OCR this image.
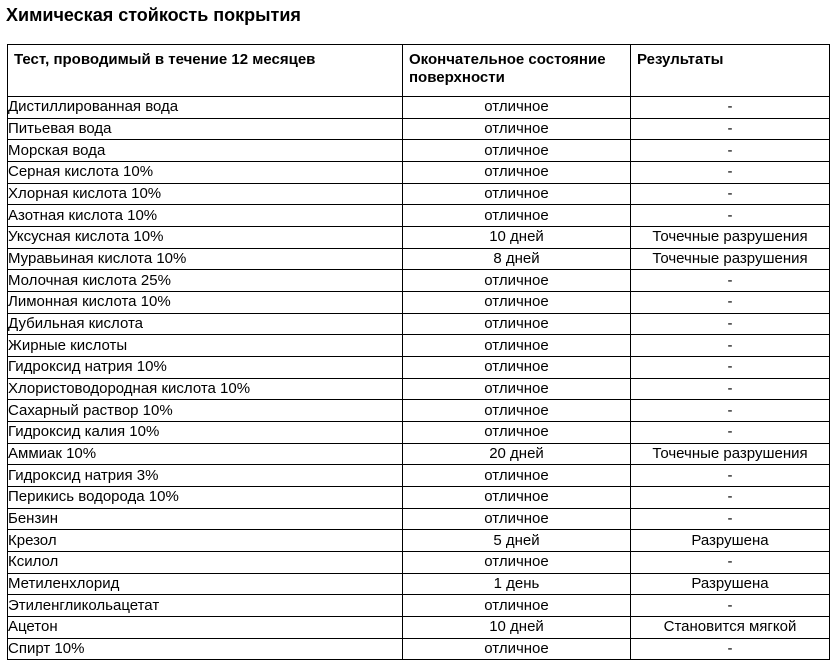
Химическая стойкость покрытия
Тест, проводимый в течение 12 месяцев	Окончательное состояние поверхности	Результаты
Дистиллированная вода	отличное	-
Питьевая вода	отличное	-
Морская вода	отличное	-
Серная кислота 10%	отличное	-
Хлорная кислота 10%	отличное	-
Азотная кислота 10%	отличное	-
Уксусная кислота 10%	10 дней	Точечные разрушения
Муравьиная кислота 10%	8 дней	Точечные разрушения
Молочная кислота 25%	отличное	-
Лимонная кислота 10%	отличное	-
Дубильная кислота	отличное	-
Жирные кислоты	отличное	-
Гидроксид натрия 10%	отличное	-
Хлористоводородная кислота 10%	отличное	-
Сахарный раствор 10%	отличное	-
Гидроксид калия 10%	отличное	-
Аммиак 10%	20 дней	Точечные разрушения
Гидроксид натрия 3%	отличное	-
Перикись водорода 10%	отличное	-
Бензин	отличное	-
Крезол	5 дней	Разрушена
Ксилол	отличное	-
Метиленхлорид	1 день	Разрушена
Этиленгликольацетат	отличное	-
Ацетон	10 дней	Становится мягкой
Спирт 10%	отличное	-
